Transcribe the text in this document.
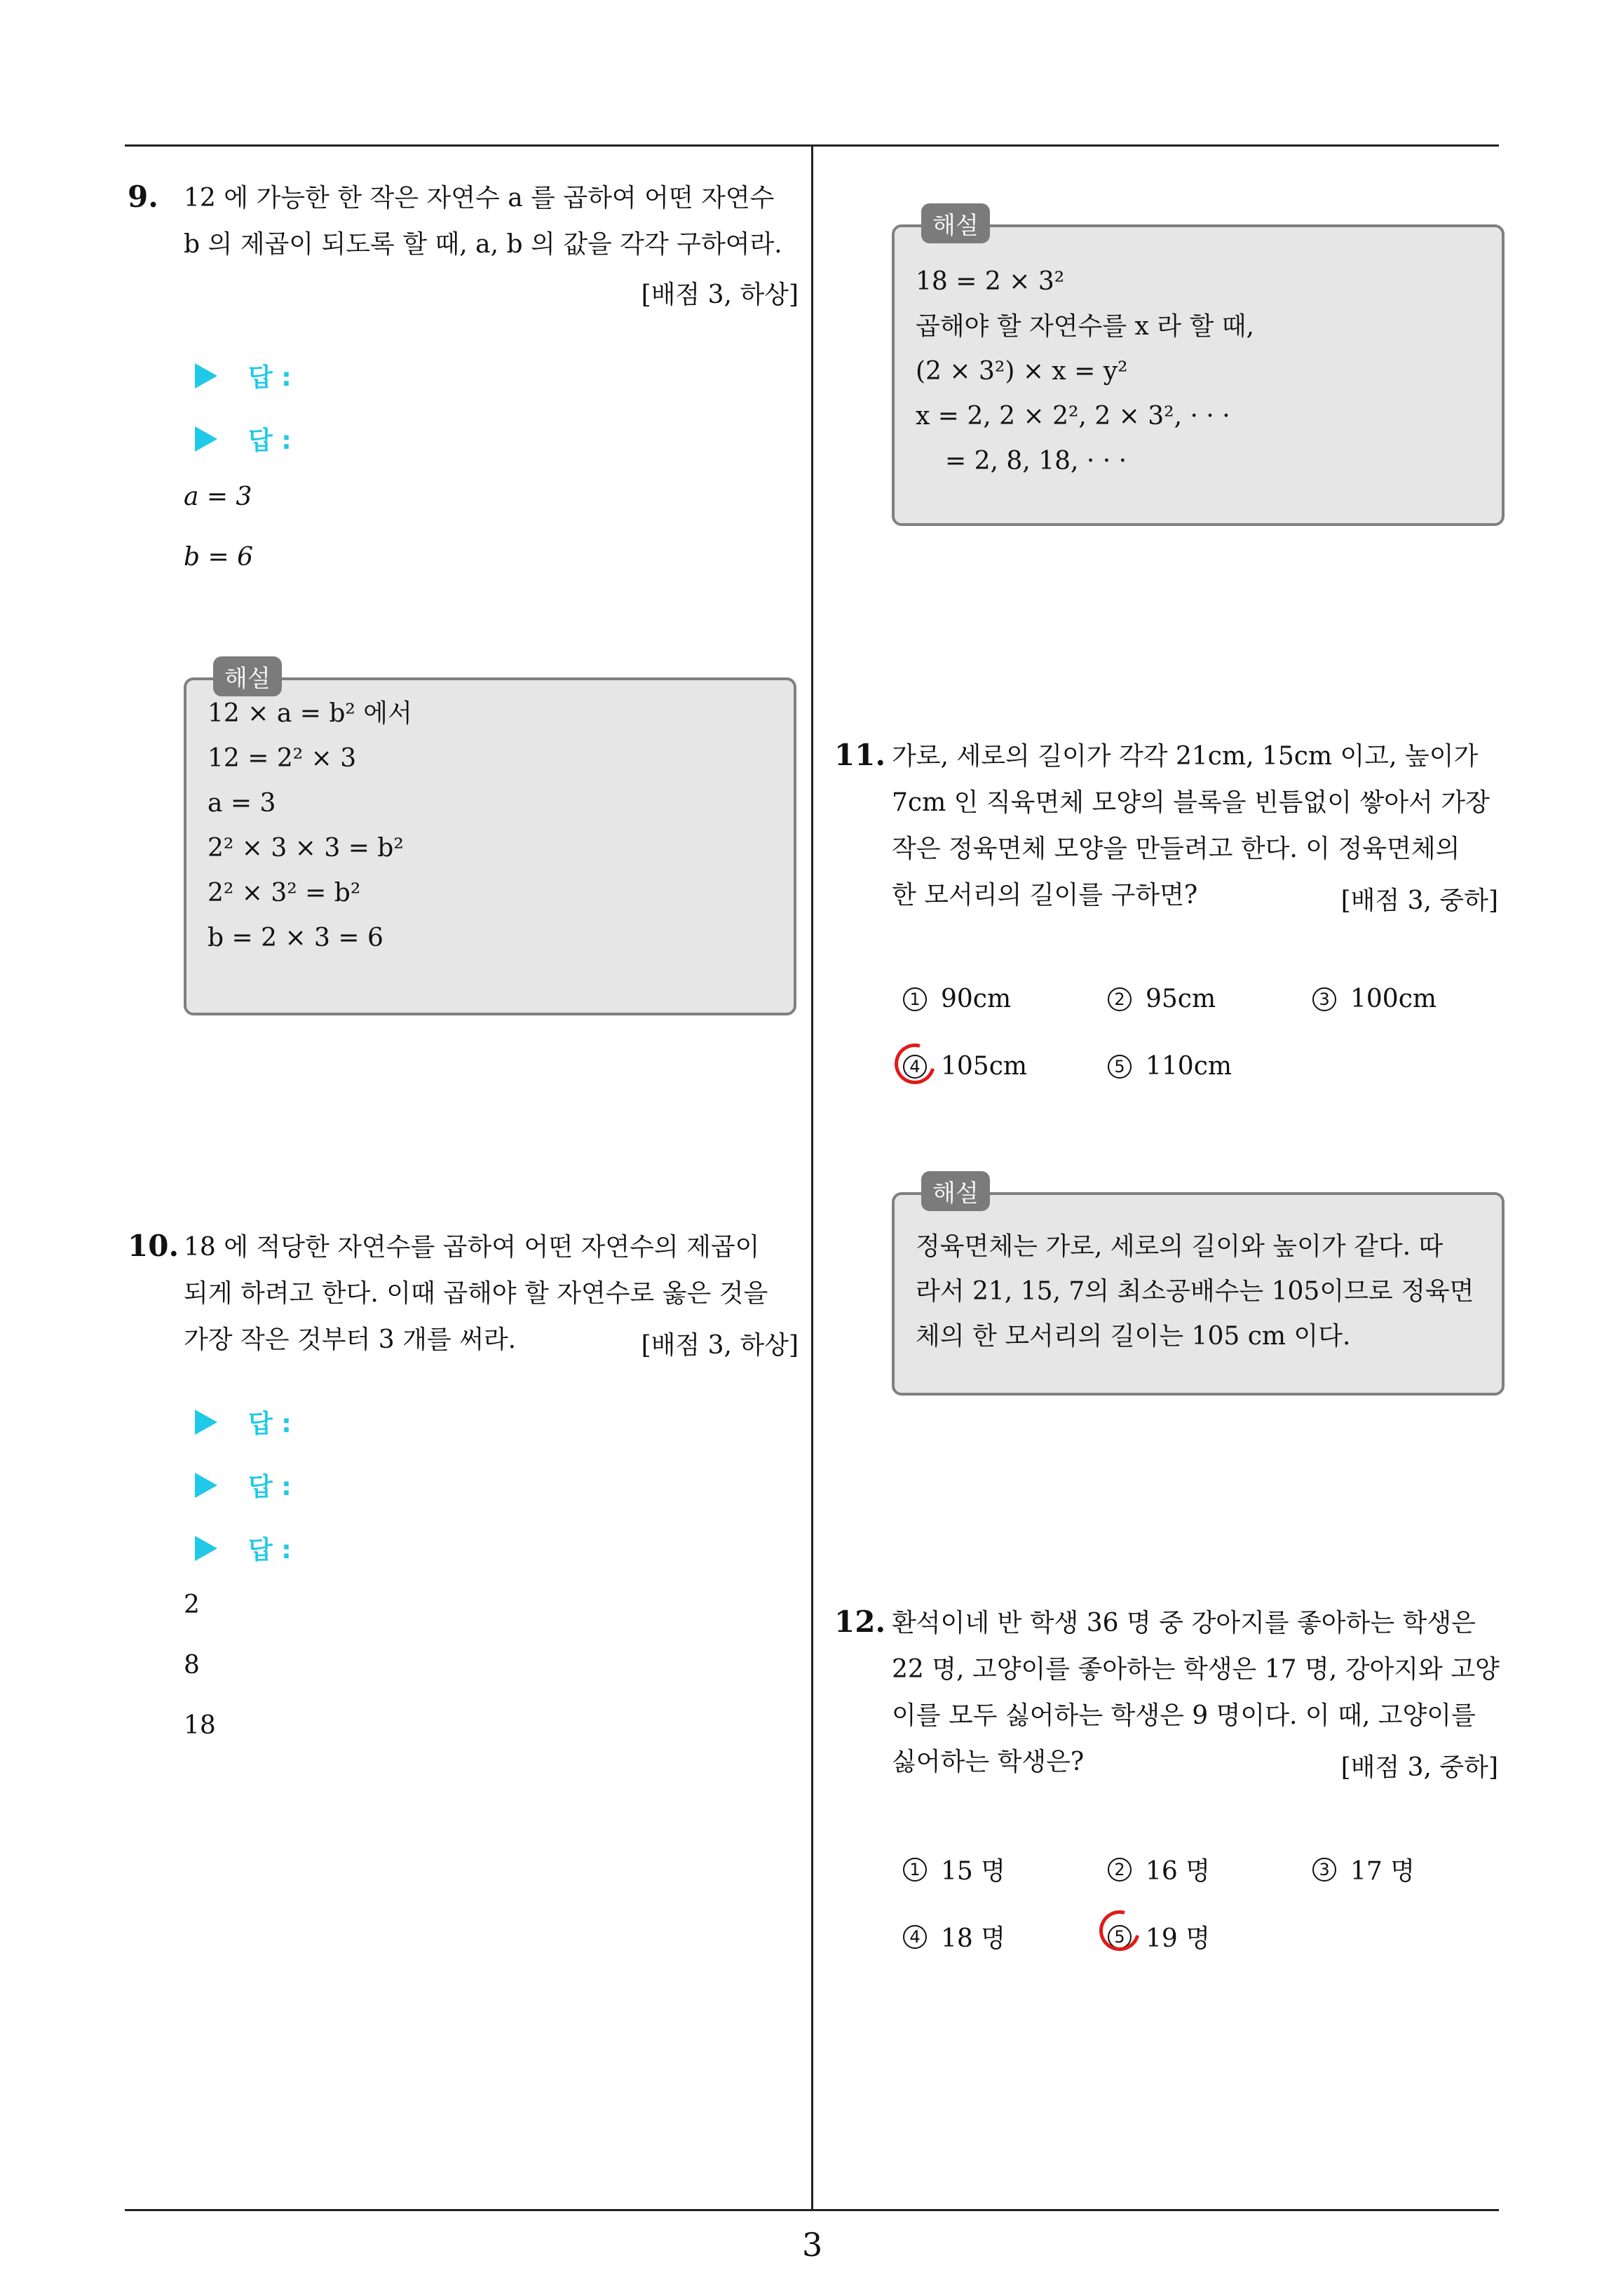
9. 12 에 가능한 한 작은 자연수 a 를 곱하여 어떤 자연수
b 의 제곱이 되도록 할 때, a, b 의 값을 각각 구하여라.
[배점 3, 하상]
답 :
답 :
a = 3
b = 6
해설
12 × a = b² 에서
12 = 2² × 3
a = 3
2² × 3 × 3 = b²
2² × 3² = b²
b = 2 × 3 = 6
10. 18 에 적당한 자연수를 곱하여 어떤 자연수의 제곱이
되게 하려고 한다. 이때 곱해야 할 자연수로 옳은 것을
가장 작은 것부터 3 개를 써라.	[배점 3, 하상]
답 :
답 :
답 :
2
8
18
해설
18 = 2 × 3²
곱해야 할 자연수를 x 라 할 때,
(2 × 3²) × x = y²
x = 2, 2 × 2², 2 × 3², · · ·
= 2, 8, 18, · · ·
11. 가로, 세로의 길이가 각각 21cm, 15cm 이고, 높이가
7cm 인 직육면체 모양의 블록을 빈틈없이 쌓아서 가장
작은 정육면체 모양을 만들려고 한다. 이 정육면체의
한 모서리의 길이를 구하면?	[배점 3, 중하]
1 90cm	2 95cm	3 100cm
4 105cm	5 110cm
해설
정육면체는 가로, 세로의 길이와 높이가 같다. 따
라서 21, 15, 7의 최소공배수는 105이므로 정육면
체의 한 모서리의 길이는 105 cm 이다.
12. 환석이네 반 학생 36 명 중 강아지를 좋아하는 학생은
22 명, 고양이를 좋아하는 학생은 17 명, 강아지와 고양
이를 모두 싫어하는 학생은 9 명이다. 이 때, 고양이를
싫어하는 학생은?	[배점 3, 중하]
1 15 명	2 16 명	3 17 명
4 18 명	5 19 명
3
